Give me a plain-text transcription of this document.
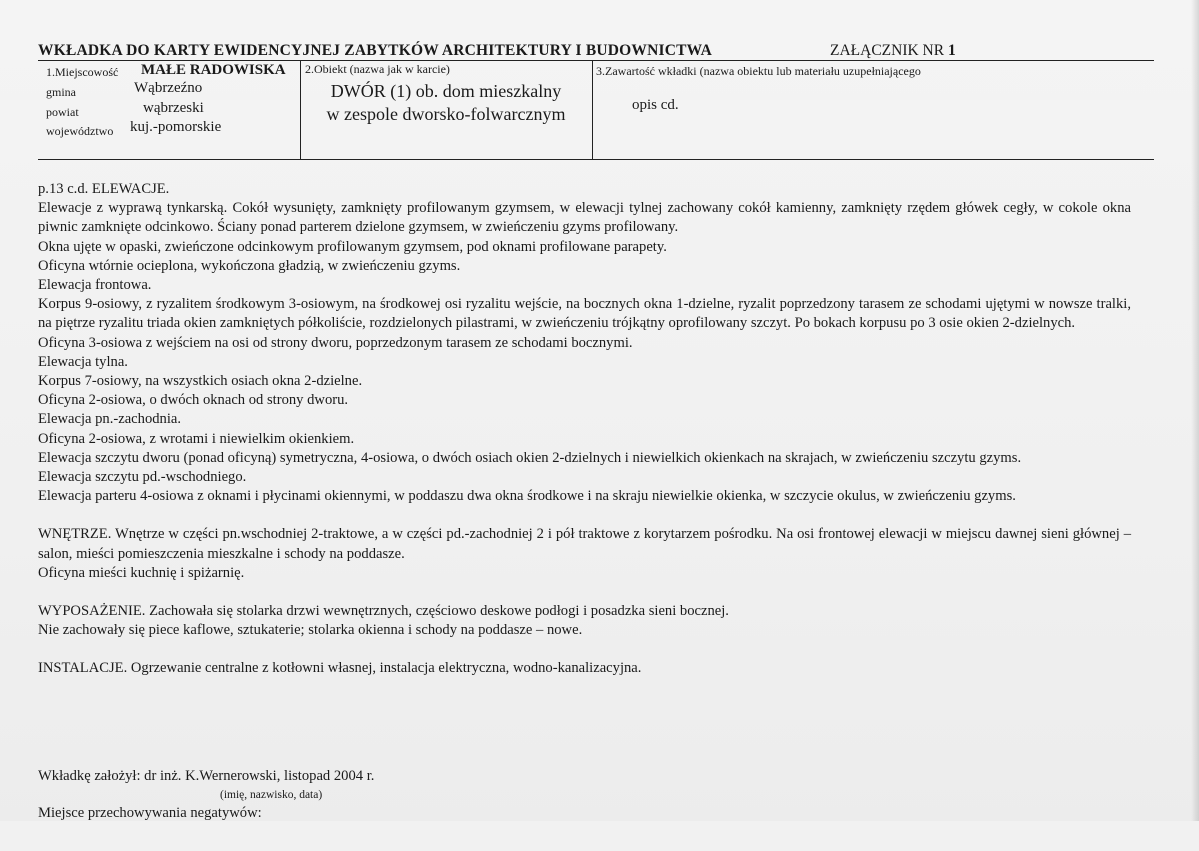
WKŁADKA DO KARTY EWIDENCYJNEJ ZABYTKÓW ARCHITEKTURY I BUDOWNICTWA	ZAŁĄCZNIK NR 1
1.Miejscowość MAŁE RADOWISKA
gmina	Wąbrzeźno
powiat	wąbrzeski
województwo kuj.-pomorskie
2.Obiekt (nazwa jak w karcie)
DWÓR (1) ob. dom mieszkalny
w zespole dworsko-folwarcznym
3.Zawartość wkładki (nazwa obiektu lub materiału uzupełniającego
opis cd.

p.13 c.d. ELEWACJE.

Elewacje z wyprawą tynkarską. Cokół wysunięty, zamknięty profilowanym gzymsem, w elewacji tylnej zachowany cokół kamienny, zamknięty rzędem główek cegły, w cokole okna piwnic zamknięte odcinkowo. Ściany ponad parterem dzielone gzymsem, w zwieńczeniu gzyms profilowany.

Okna ujęte w opaski, zwieńczone odcinkowym profilowanym gzymsem, pod oknami profilowane parapety.

Oficyna wtórnie ocieplona, wykończona gładzią, w zwieńczeniu gzyms.

Elewacja frontowa.

Korpus 9-osiowy, z ryzalitem środkowym 3-osiowym, na środkowej osi ryzalitu wejście, na bocznych okna 1-dzielne, ryzalit poprzedzony tarasem ze schodami ujętymi w nowsze tralki, na piętrze ryzalitu triada okien zamkniętych półkoliście, rozdzielonych pilastrami, w zwieńczeniu trójkątny oprofilowany szczyt. Po bokach korpusu po 3 osie okien 2-dzielnych.

Oficyna 3-osiowa z wejściem na osi od strony dworu, poprzedzonym tarasem ze schodami bocznymi.

Elewacja tylna.

Korpus 7-osiowy, na wszystkich osiach okna 2-dzielne.

Oficyna 2-osiowa, o dwóch oknach od strony dworu.

Elewacja pn.-zachodnia.

Oficyna 2-osiowa, z wrotami i niewielkim okienkiem.

Elewacja szczytu dworu (ponad oficyną) symetryczna, 4-osiowa, o dwóch osiach okien 2-dzielnych i niewielkich okienkach na skrajach, w zwieńczeniu szczytu gzyms.

Elewacja szczytu pd.-wschodniego.

Elewacja parteru 4-osiowa z oknami i płycinami okiennymi, w poddaszu dwa okna środkowe i na skraju niewielkie okienka, w szczycie okulus, w zwieńczeniu gzyms.

WNĘTRZE. Wnętrze w części pn.wschodniej 2-traktowe, a w części pd.-zachodniej 2 i pół traktowe z korytarzem pośrodku. Na osi frontowej elewacji w miejscu dawnej sieni głównej – salon, mieści pomieszczenia mieszkalne i schody na poddasze.

Oficyna mieści kuchnię i spiżarnię.

WYPOSAŻENIE. Zachowała się stolarka drzwi wewnętrznych, częściowo deskowe podłogi i posadzka sieni bocznej.

Nie zachowały się piece kaflowe, sztukaterie; stolarka okienna i schody na poddasze – nowe.

INSTALACJE. Ogrzewanie centralne z kotłowni własnej, instalacja elektryczna, wodno-kanalizacyjna.

Wkładkę założył: dr inż. K.Wernerowski, listopad 2004 r.
(imię, nazwisko, data)
Miejsce przechowywania negatywów:
